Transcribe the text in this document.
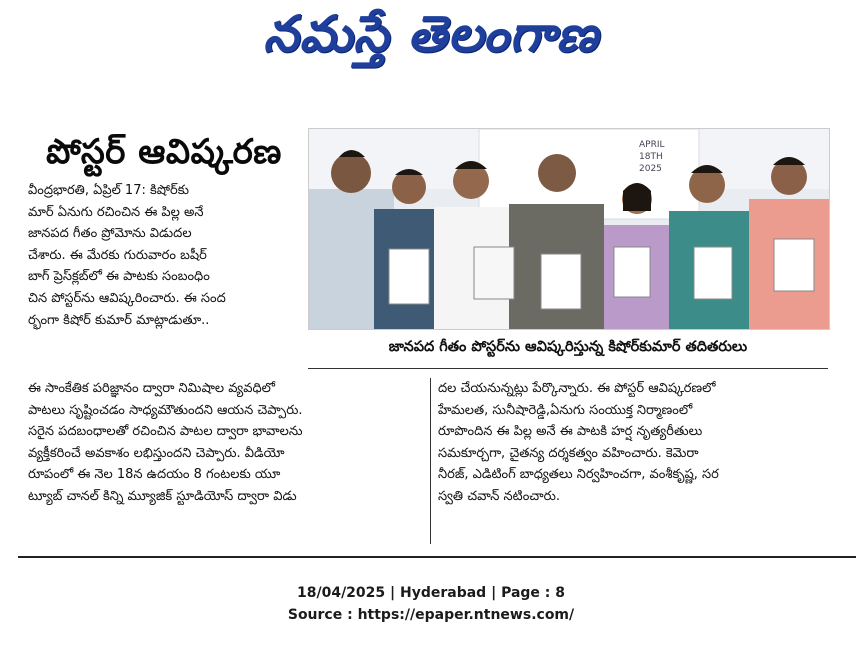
నమస్తే తెలంగాణ
పోస్టర్ ఆవిష్కరణ
వీంద్రభారతి, ఏప్రిల్ 17: కిషోర్‌కు
మార్ ఏనుగు రచించిన ఈ పిల్ల అనే
జానపద గీతం ప్రోమోను విడుదల
చేశారు. ఈ మేరకు గురువారం బషీర్
బాగ్ ప్రెస్‌క్లబ్‌లో ఈ పాటకు సంబంధిం
చిన పోస్టర్‌ను ఆవిష్కరించారు. ఈ సంద
ర్భంగా కిషోర్ కుమార్ మాట్లాడుతూ..
APRIL
18TH
2025
జానపద గీతం పోస్టర్‌ను ఆవిష్కరిస్తున్న కిషోర్‌కుమార్ తదితరులు
ఈ సాంకేతిక పరిజ్ఞానం ద్వారా నిమిషాల వ్యవధిలో
పాటలు సృష్టించడం సాధ్యమౌతుందని ఆయన చెప్పారు.
సరైన పదబంధాలతో రచించిన పాటల ద్వారా భావాలను
వ్యక్తీకరించే అవకాశం లభిస్తుందని చెప్పారు. వీడియో
రూపంలో ఈ నెల 18న ఉదయం 8 గంటలకు యూ
ట్యూబ్ చానల్ కిన్ని మ్యూజిక్ స్టూడియోస్ ద్వారా విడు
దల చేయనున్నట్లు పేర్కొన్నారు. ఈ పోస్టర్ ఆవిష్కరణలో
హేమలత, సునీషారెడ్డి,ఏనుగు సంయుక్త నిర్మాణంలో
రూపొందిన ఈ పిల్ల అనే ఈ పాటకి హర్ష నృత్యరీతులు
సమకూర్చగా, చైతన్య దర్శకత్వం వహించారు. కెమెరా
నీరజ్, ఎడిటింగ్ బాధ్యతలు నిర్వహించగా, వంశీకృష్ణ, సర
స్వతి చవాన్ నటించారు.
18/04/2025 | Hyderabad | Page : 8
Source : https://epaper.ntnews.com/
